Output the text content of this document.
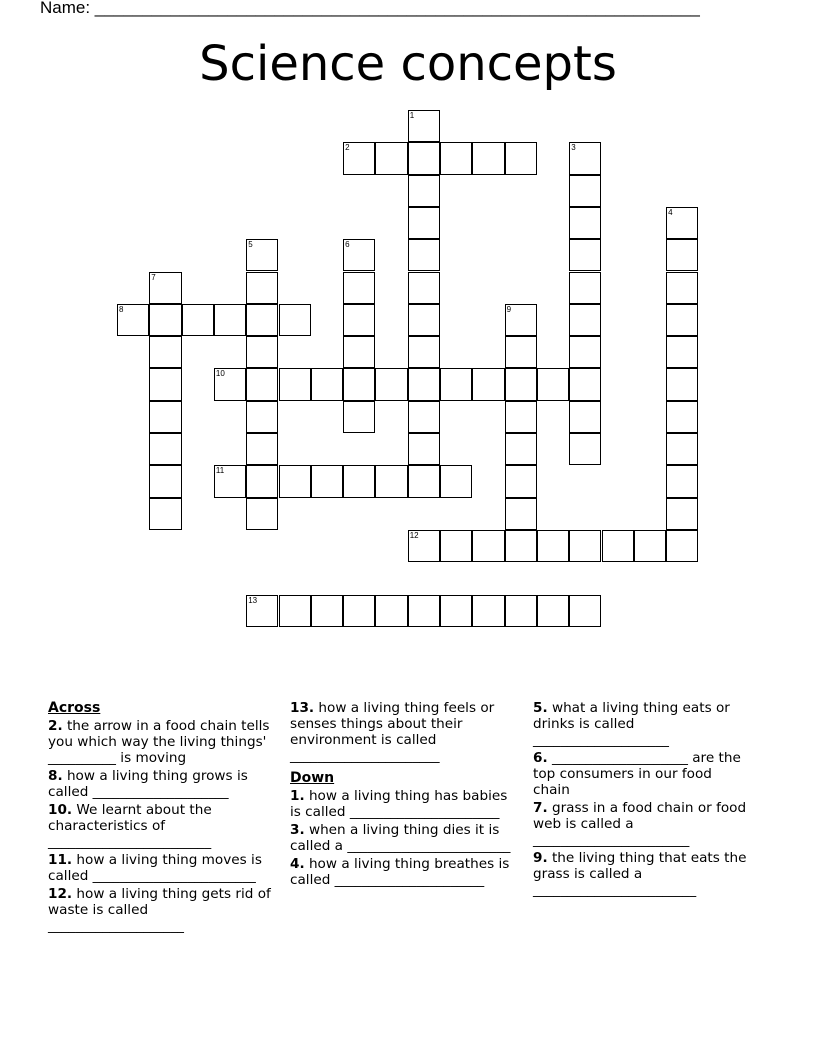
Name: ________________________________________________________________
Science concepts
1
2	3
4
5	6
7
8	9
10
11
12
13
Across
2. the arrow in a food chain tells you which way the living things' __________ is moving
8. how a living thing grows is called ____________________
10. We learnt about the characteristics of ________________________
11. how a living thing moves is called ________________________
12. how a living thing gets rid of waste is called ____________________
13. how a living thing feels or senses things about their environment is called ______________________
Down
1. how a living thing has babies is called ______________________
3. when a living thing dies it is called a ________________________
4. how a living thing breathes is called ______________________
5. what a living thing eats or drinks is called ____________________
6. ____________________ are the top consumers in our food chain
7. grass in a food chain or food web is called a _______________________
9. the living thing that eats the grass is called a ________________________
